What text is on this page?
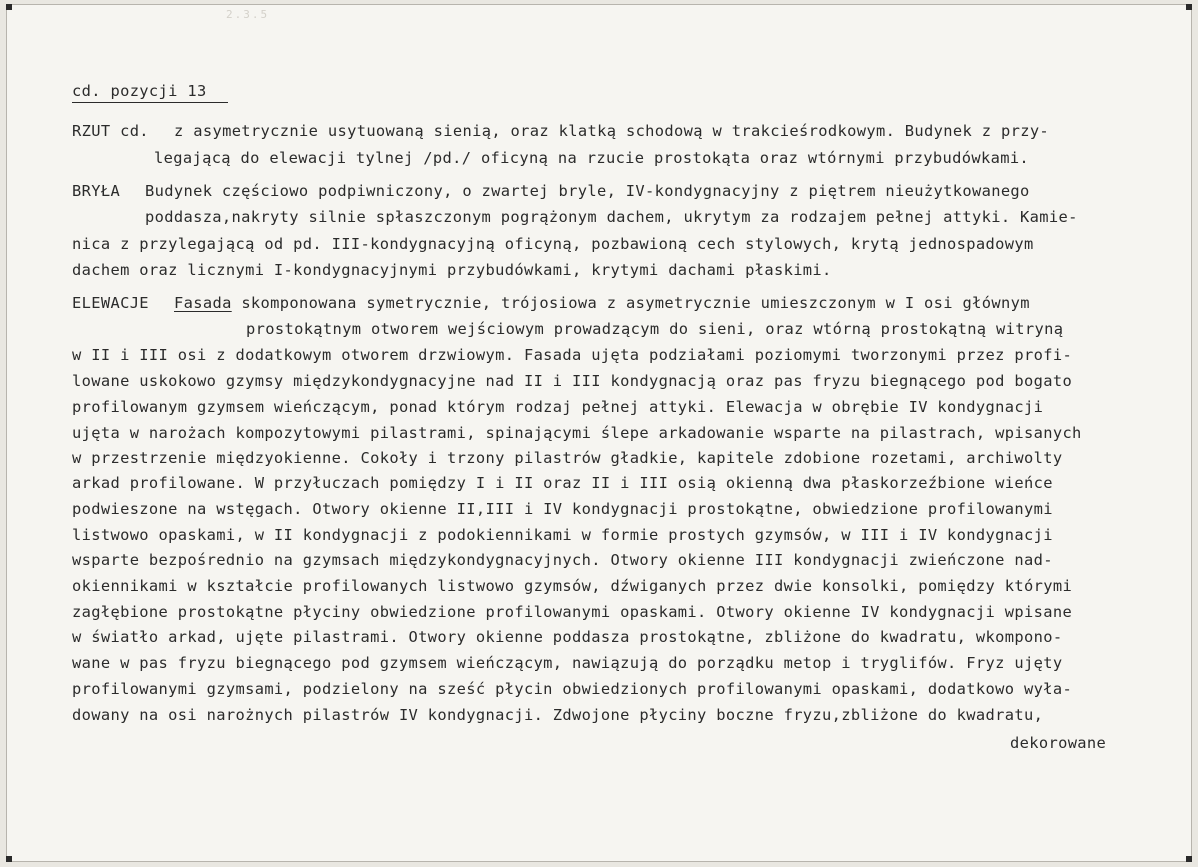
2.3.5
cd. pozycji 13
RZUT cd. z asymetrycznie usytuowaną sienią, oraz klatką schodową w trakcieśrodkowym. Budynek z przy-
legającą do elewacji tylnej /pd./ oficyną na rzucie prostokąta oraz wtórnymi przybudówkami.
BRYŁA Budynek częściowo podpiwniczony, o zwartej bryle, IV-kondygnacyjny z piętrem nieużytkowanego
poddasza,nakryty silnie spłaszczonym pogrążonym dachem, ukrytym za rodzajem pełnej attyki. Kamie-
nica z przylegającą od pd. III-kondygnacyjną oficyną, pozbawioną cech stylowych, krytą jednospadowym
dachem oraz licznymi I-kondygnacyjnymi przybudówkami, krytymi dachami płaskimi.
ELEWACJE Fasada skomponowana symetrycznie, trójosiowa z asymetrycznie umieszczonym w I osi głównym
prostokątnym otworem wejściowym prowadzącym do sieni, oraz wtórną prostokątną witryną
w II i III osi z dodatkowym otworem drzwiowym. Fasada ujęta podziałami poziomymi tworzonymi przez profi-
lowane uskokowo gzymsy międzykondygnacyjne nad II i III kondygnacją oraz pas fryzu biegnącego pod bogato
profilowanym gzymsem wieńczącym, ponad którym rodzaj pełnej attyki. Elewacja w obrębie IV kondygnacji
ujęta w narożach kompozytowymi pilastrami, spinającymi ślepe arkadowanie wsparte na pilastrach, wpisanych
w przestrzenie międzyokienne. Cokoły i trzony pilastrów gładkie, kapitele zdobione rozetami, archiwolty
arkad profilowane. W przyłuczach pomiędzy I i II oraz II i III osią okienną dwa płaskorzeźbione wieńce
podwieszone na wstęgach. Otwory okienne II,III i IV kondygnacji prostokątne, obwiedzione profilowanymi
listwowo opaskami, w II kondygnacji z podokiennikami w formie prostych gzymsów, w III i IV kondygnacji
wsparte bezpośrednio na gzymsach międzykondygnacyjnych. Otwory okienne III kondygnacji zwieńczone nad-
okiennikami w kształcie profilowanych listwowo gzymsów, dźwiganych przez dwie konsolki, pomiędzy którymi
zagłębione prostokątne płyciny obwiedzione profilowanymi opaskami. Otwory okienne IV kondygnacji wpisane
w światło arkad, ujęte pilastrami. Otwory okienne poddasza prostokątne, zbliżone do kwadratu, wkompono-
wane w pas fryzu biegnącego pod gzymsem wieńczącym, nawiązują do porządku metop i tryglifów. Fryz ujęty
profilowanymi gzymsami, podzielony na sześć płycin obwiedzionych profilowanymi opaskami, dodatkowo wyła-
dowany na osi narożnych pilastrów IV kondygnacji. Zdwojone płyciny boczne fryzu,zbliżone do kwadratu,
dekorowane
